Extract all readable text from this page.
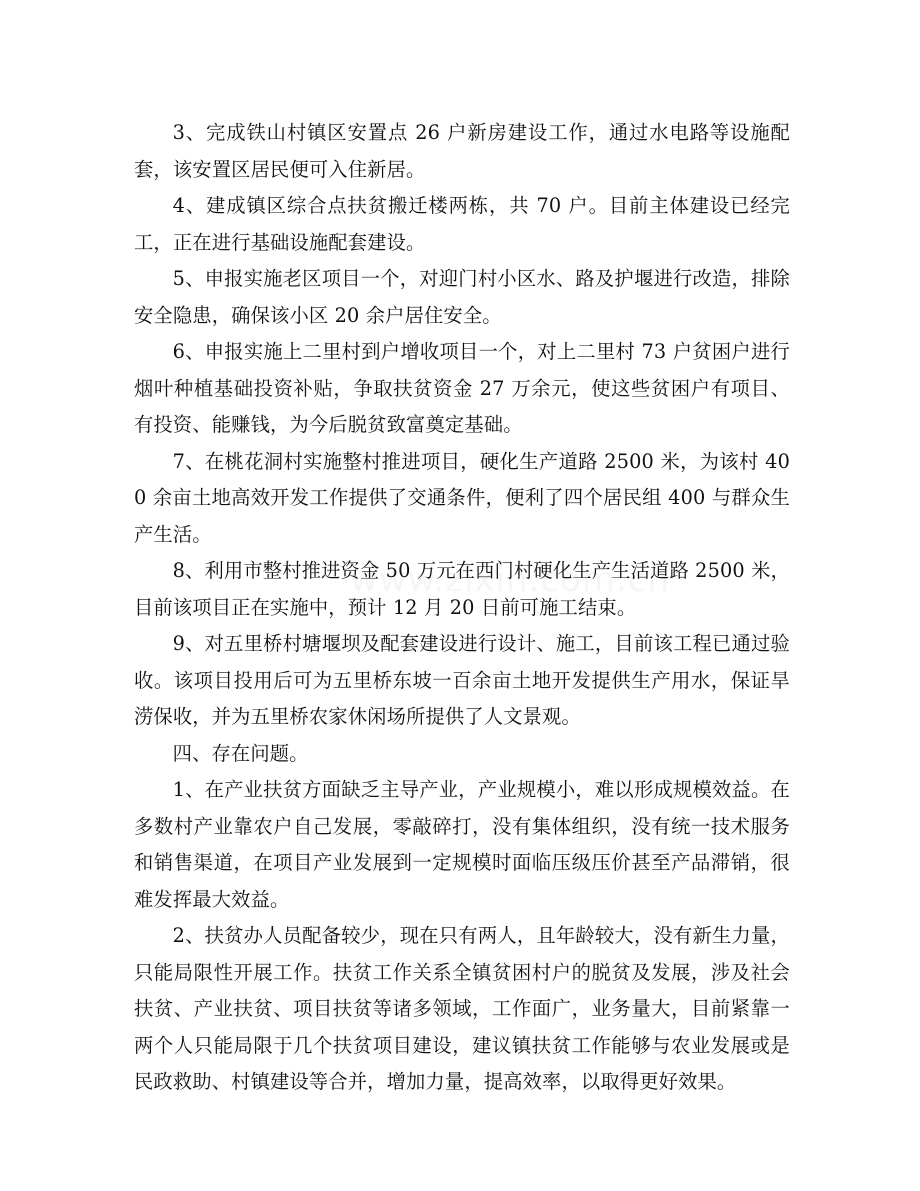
3、完成铁山村镇区安置点 26 户新房建设工作，通过水电路等设施配套，该安置区居民便可入住新居。

4、建成镇区综合点扶贫搬迁楼两栋，共 70 户。目前主体建设已经完工，正在进行基础设施配套建设。

5、申报实施老区项目一个，对迎门村小区水、路及护堰进行改造，排除安全隐患，确保该小区 20 余户居住安全。

6、申报实施上二里村到户增收项目一个，对上二里村 73 户贫困户进行烟叶种植基础投资补贴，争取扶贫资金 27 万余元，使这些贫困户有项目、有投资、能赚钱，为今后脱贫致富奠定基础。

7、在桃花洞村实施整村推进项目，硬化生产道路 2500 米，为该村 400 余亩土地高效开发工作提供了交通条件，便利了四个居民组 400 与群众生产生活。

8、利用市整村推进资金 50 万元在西门村硬化生产生活道路 2500 米，目前该项目正在实施中，预计 12 月 20 日前可施工结束。

9、对五里桥村塘堰坝及配套建设进行设计、施工，目前该工程已通过验收。该项目投用后可为五里桥东坡一百余亩土地开发提供生产用水，保证旱涝保收，并为五里桥农家休闲场所提供了人文景观。

四、存在问题。

1、在产业扶贫方面缺乏主导产业，产业规模小，难以形成规模效益。在多数村产业靠农户自己发展，零敲碎打，没有集体组织，没有统一技术服务和销售渠道，在项目产业发展到一定规模时面临压级压价甚至产品滞销，很难发挥最大效益。

2、扶贫办人员配备较少，现在只有两人，且年龄较大，没有新生力量，只能局限性开展工作。扶贫工作关系全镇贫困村户的脱贫及发展，涉及社会扶贫、产业扶贫、项目扶贫等诸多领域，工作面广，业务量大，目前紧靠一两个人只能局限于几个扶贫项目建设，建议镇扶贫工作能够与农业发展或是民政救助、村镇建设等合并，增加力量，提高效率，以取得更好效果。
